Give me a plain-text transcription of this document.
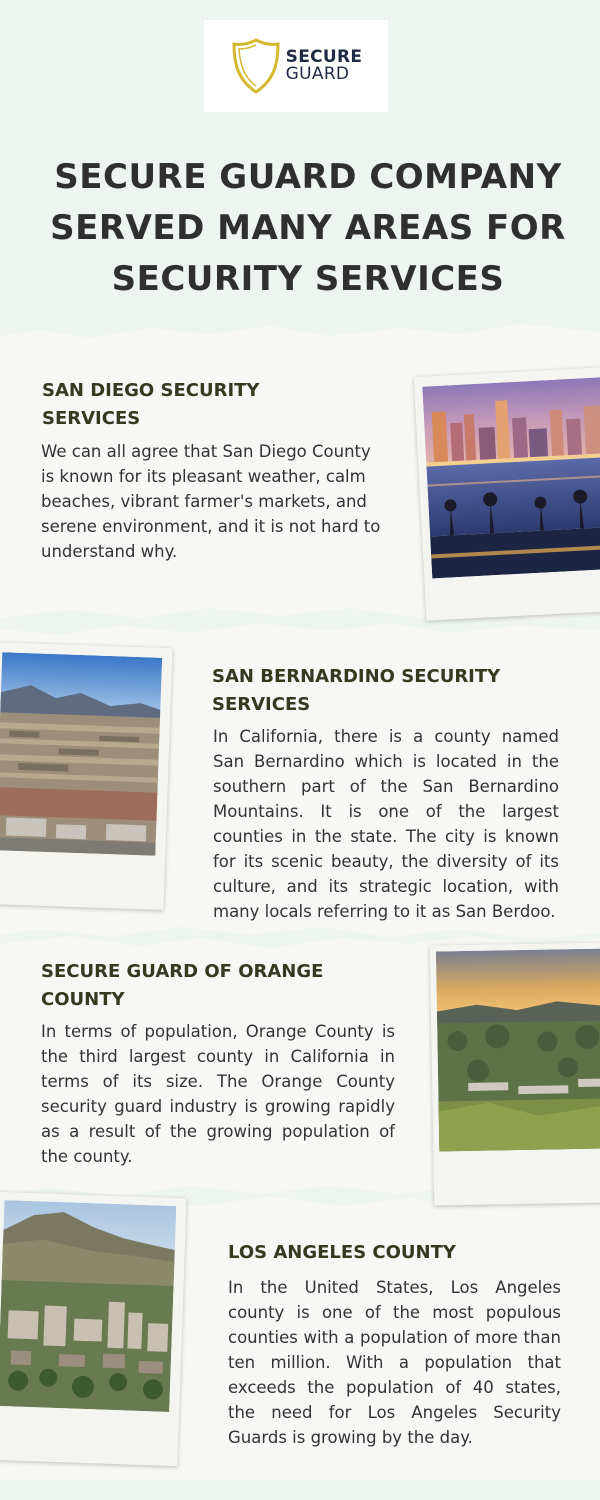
SECURE
GUARD
SECURE GUARD COMPANY SERVED MANY AREAS FOR SECURITY SERVICES
SAN DIEGO SECURITY SERVICES
We can all agree that San Diego County is known for its pleasant weather, calm beaches, vibrant farmer's markets, and serene environment, and it is not hard to understand why.
SAN BERNARDINO SECURITY SERVICES
In California, there is a county named San Bernardino which is located in the southern part of the San Bernardino Mountains. It is one of the largest counties in the state. The city is known for its scenic beauty, the diversity of its culture, and its strategic location, with many locals referring to it as San Berdoo.
SECURE GUARD OF ORANGE COUNTY
In terms of population, Orange County is the third largest county in California in terms of its size. The Orange County security guard industry is growing rapidly as a result of the growing population of the county.
LOS ANGELES COUNTY
In the United States, Los Angeles county is one of the most populous counties with a population of more than ten million. With a population that exceeds the population of 40 states, the need for Los Angeles Security Guards is growing by the day.
